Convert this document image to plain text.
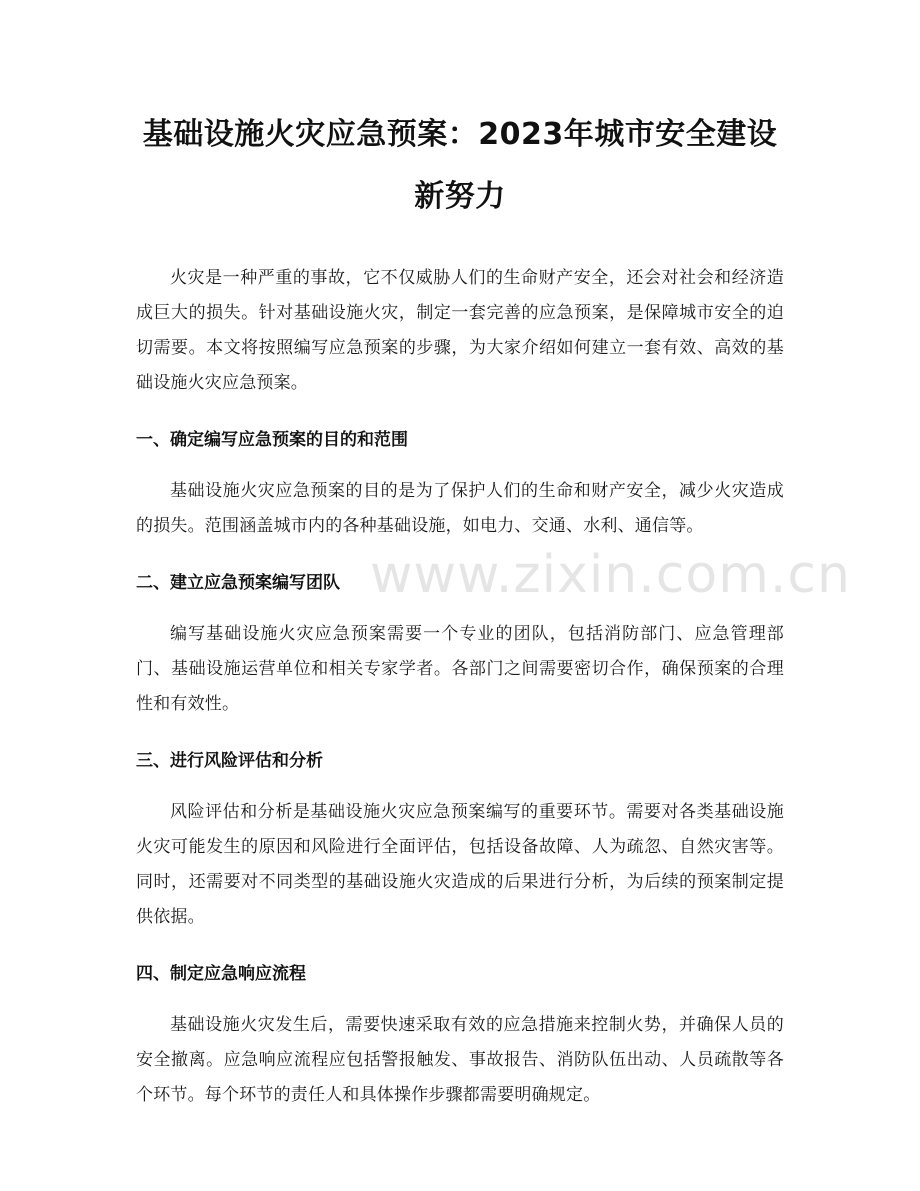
基础设施火灾应急预案：2023年城市安全建设新努力

火灾是一种严重的事故，它不仅威胁人们的生命财产安全，还会对社会和经济造成巨大的损失。针对基础设施火灾，制定一套完善的应急预案，是保障城市安全的迫切需要。本文将按照编写应急预案的步骤，为大家介绍如何建立一套有效、高效的基础设施火灾应急预案。

一、确定编写应急预案的目的和范围

基础设施火灾应急预案的目的是为了保护人们的生命和财产安全，减少火灾造成的损失。范围涵盖城市内的各种基础设施，如电力、交通、水利、通信等。

二、建立应急预案编写团队

编写基础设施火灾应急预案需要一个专业的团队，包括消防部门、应急管理部门、基础设施运营单位和相关专家学者。各部门之间需要密切合作，确保预案的合理性和有效性。

三、进行风险评估和分析

风险评估和分析是基础设施火灾应急预案编写的重要环节。需要对各类基础设施火灾可能发生的原因和风险进行全面评估，包括设备故障、人为疏忽、自然灾害等。同时，还需要对不同类型的基础设施火灾造成的后果进行分析，为后续的预案制定提供依据。

四、制定应急响应流程

基础设施火灾发生后，需要快速采取有效的应急措施来控制火势，并确保人员的安全撤离。应急响应流程应包括警报触发、事故报告、消防队伍出动、人员疏散等各个环节。每个环节的责任人和具体操作步骤都需要明确规定。

www.zixin.com.cn
